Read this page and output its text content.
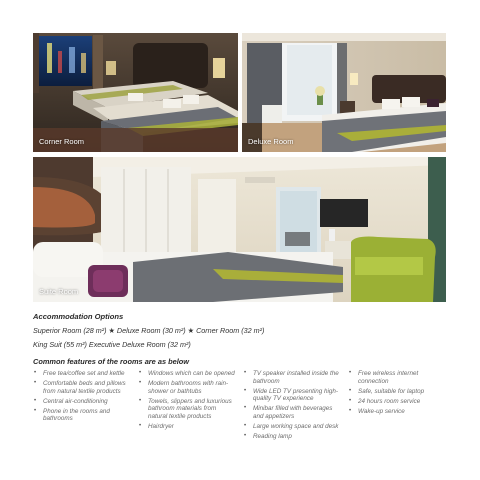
Corner Room	Deluxe Room
Suite Room
Accommodation Options
Superior Room (28 m²) ★ Deluxe Room (30 m²) ★ Corner Room (32 m²)
King Suit (55 m²) Executive Deluxe Room (32 m²)
Common features of the rooms are as below
• Free tea/coffee set and kettle
• Comfortable beds and pillows from natural textile products
• Central air-conditioning
• Phone in the rooms and bathrooms
• Windows which can be opened
• Modern bathrooms with rain-shower or bathtubs
• Towels, slippers and luxurious bathroom materials from natural textile products
• Hairdryer
• TV speaker installed inside the bathroom
• Wide LED TV presenting high-quality TV experience
• Minibar filled with beverages and appetizers
• Large working space and desk
• Reading lamp
• Free wireless internet connection
• Safe, suitable for laptop
• 24 hours room service
• Wake-up service
